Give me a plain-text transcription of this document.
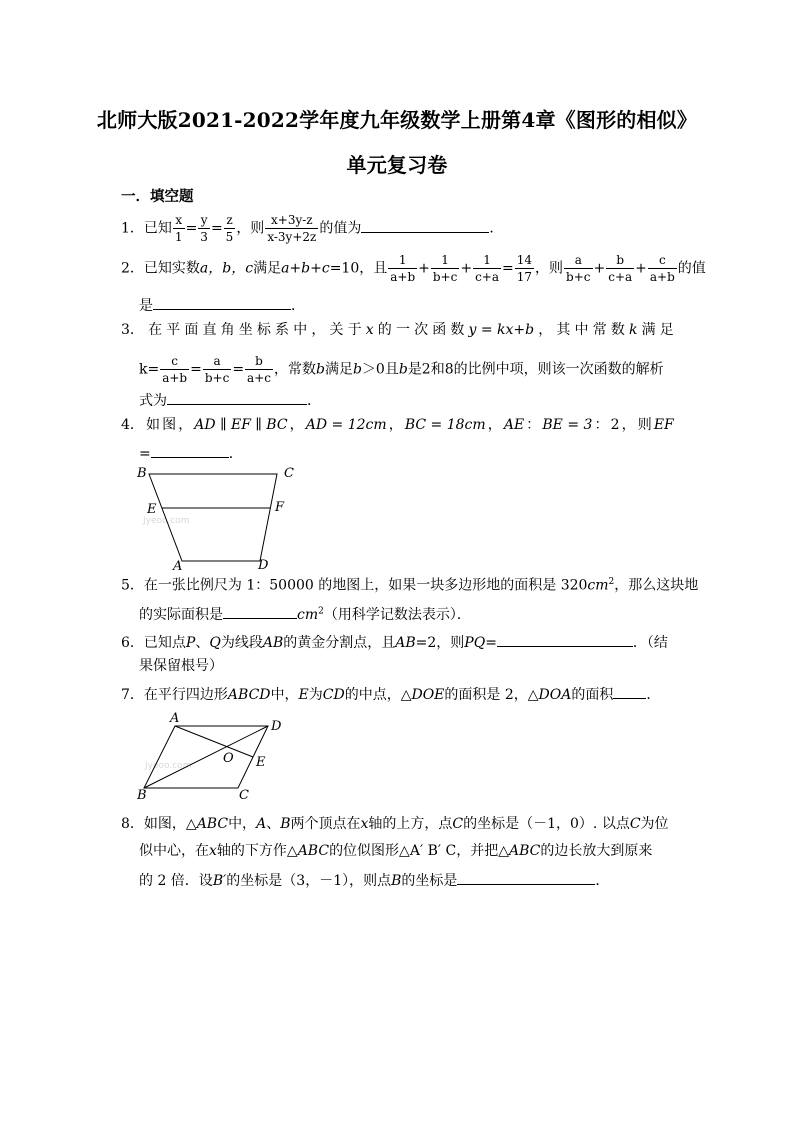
北师大版2021-2022学年度九年级数学上册第4章《图形的相似》
单元复习卷
一．填空题
1．已知 $\frac{x}{1} = \frac{y}{3} = \frac{z}{5}$ ，则 $\frac{x+3y-z}{x-3y+2z}$ 的值为	．
2．已知实数a，b，c满足a+b+c=10，且 $\frac{1}{a+b} + \frac{1}{b+c} + \frac{1}{c+a} = \frac{14}{17}$ ，则 $\frac{a}{b+c} + \frac{b}{c+a} + \frac{c}{a+b}$ 的值
是	．
3． 在 平 面 直 角 坐 标 系 中 ， 关 于 x 的 一 次 函 数 y = kx+b ， 其 中 常 数 k 满 足
$k= \frac{c}{a+b} = \frac{a}{b+c} = \frac{b}{a+c}$ ，常数b满足b＞0且b是2和8的比例中项，则该一次函数的解析
式为	．
4． 如 图 ， AD ∥ EF ∥ BC ， AD = 12cm ， BC = 18cm ， AE ： BE = 3 ： 2 ， 则 EF
=	．
Jyeoo.com
B	C
E	F
A	D
5．在一张比例尺为 1：50000 的地图上，如果一块多边形地的面积是 $320cm^2$，那么这块地
的实际面积是	$cm^2$（用科学记数法表示）．
6．已知点P、Q为线段AB的黄金分割点，且AB=2，则PQ=	．（结
果保留根号）
7．在平行四边形ABCD中，E为CD的中点，△DOE的面积是 2，△DOA的面积 ．
Jyeoo.com
A
D
O E
B	C
8．如图，△ABC中，A、B两个顶点在x轴的上方，点C的坐标是（－1，0）. 以点C为位
似中心，在x轴的下方作△ABC的位似图形△A′ B′ C，并把△ABC的边长放大到原来
的 2 倍．设B′的坐标是（3，－1），则点B的坐标是	．
